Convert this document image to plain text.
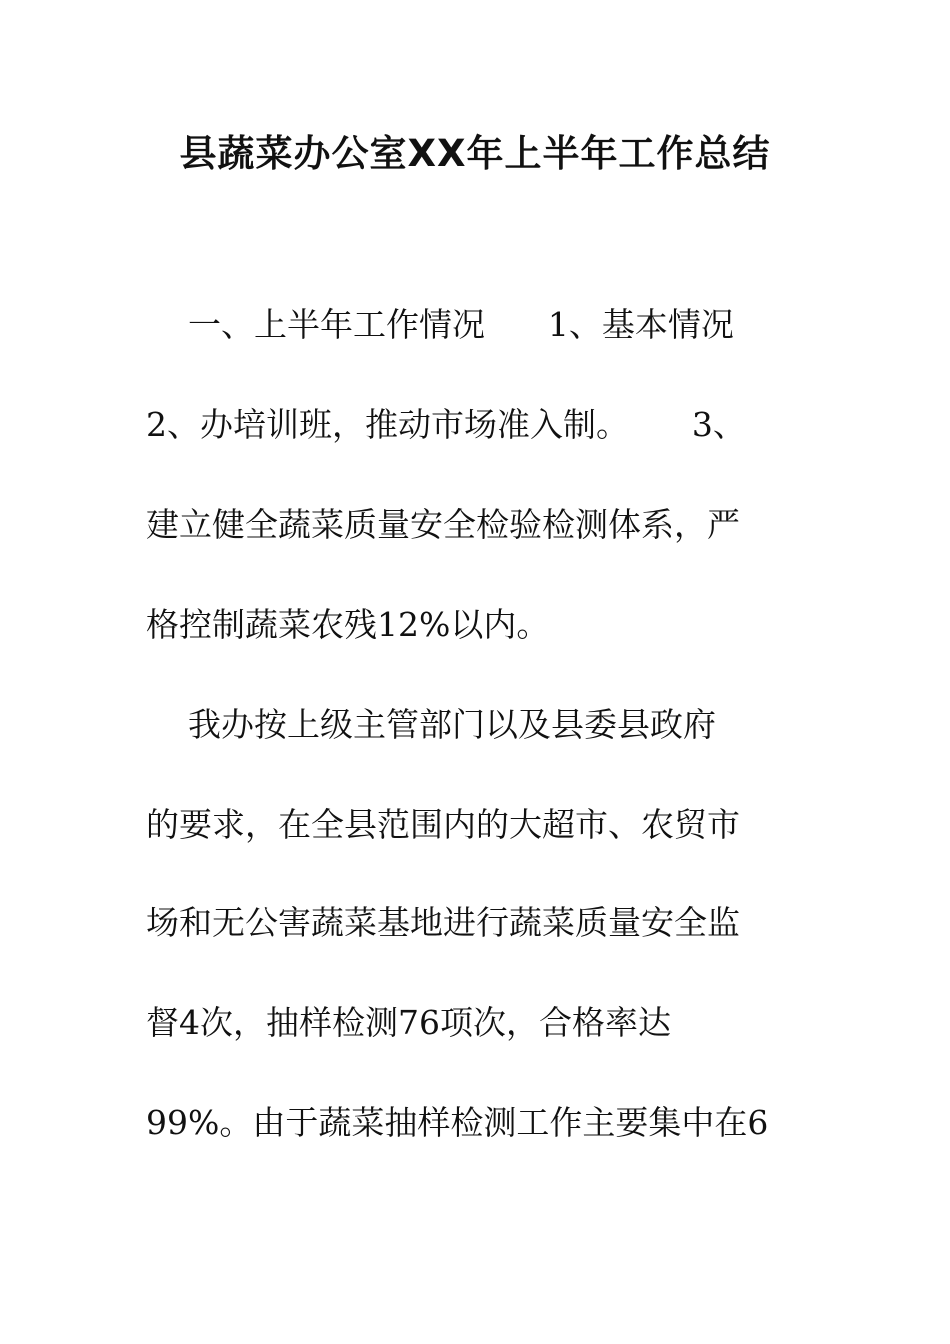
县蔬菜办公室XX年上半年工作总结
一、上半年工作情况      1、基本情况
2、办培训班，推动市场准入制。      3、
建立健全蔬菜质量安全检验检测体系，严
格控制蔬菜农残12%以内。
我办按上级主管部门以及县委县政府
的要求，在全县范围内的大超市、农贸市
场和无公害蔬菜基地进行蔬菜质量安全监
督4次，抽样检测76项次，合格率达
99%。由于蔬菜抽样检测工作主要集中在6
